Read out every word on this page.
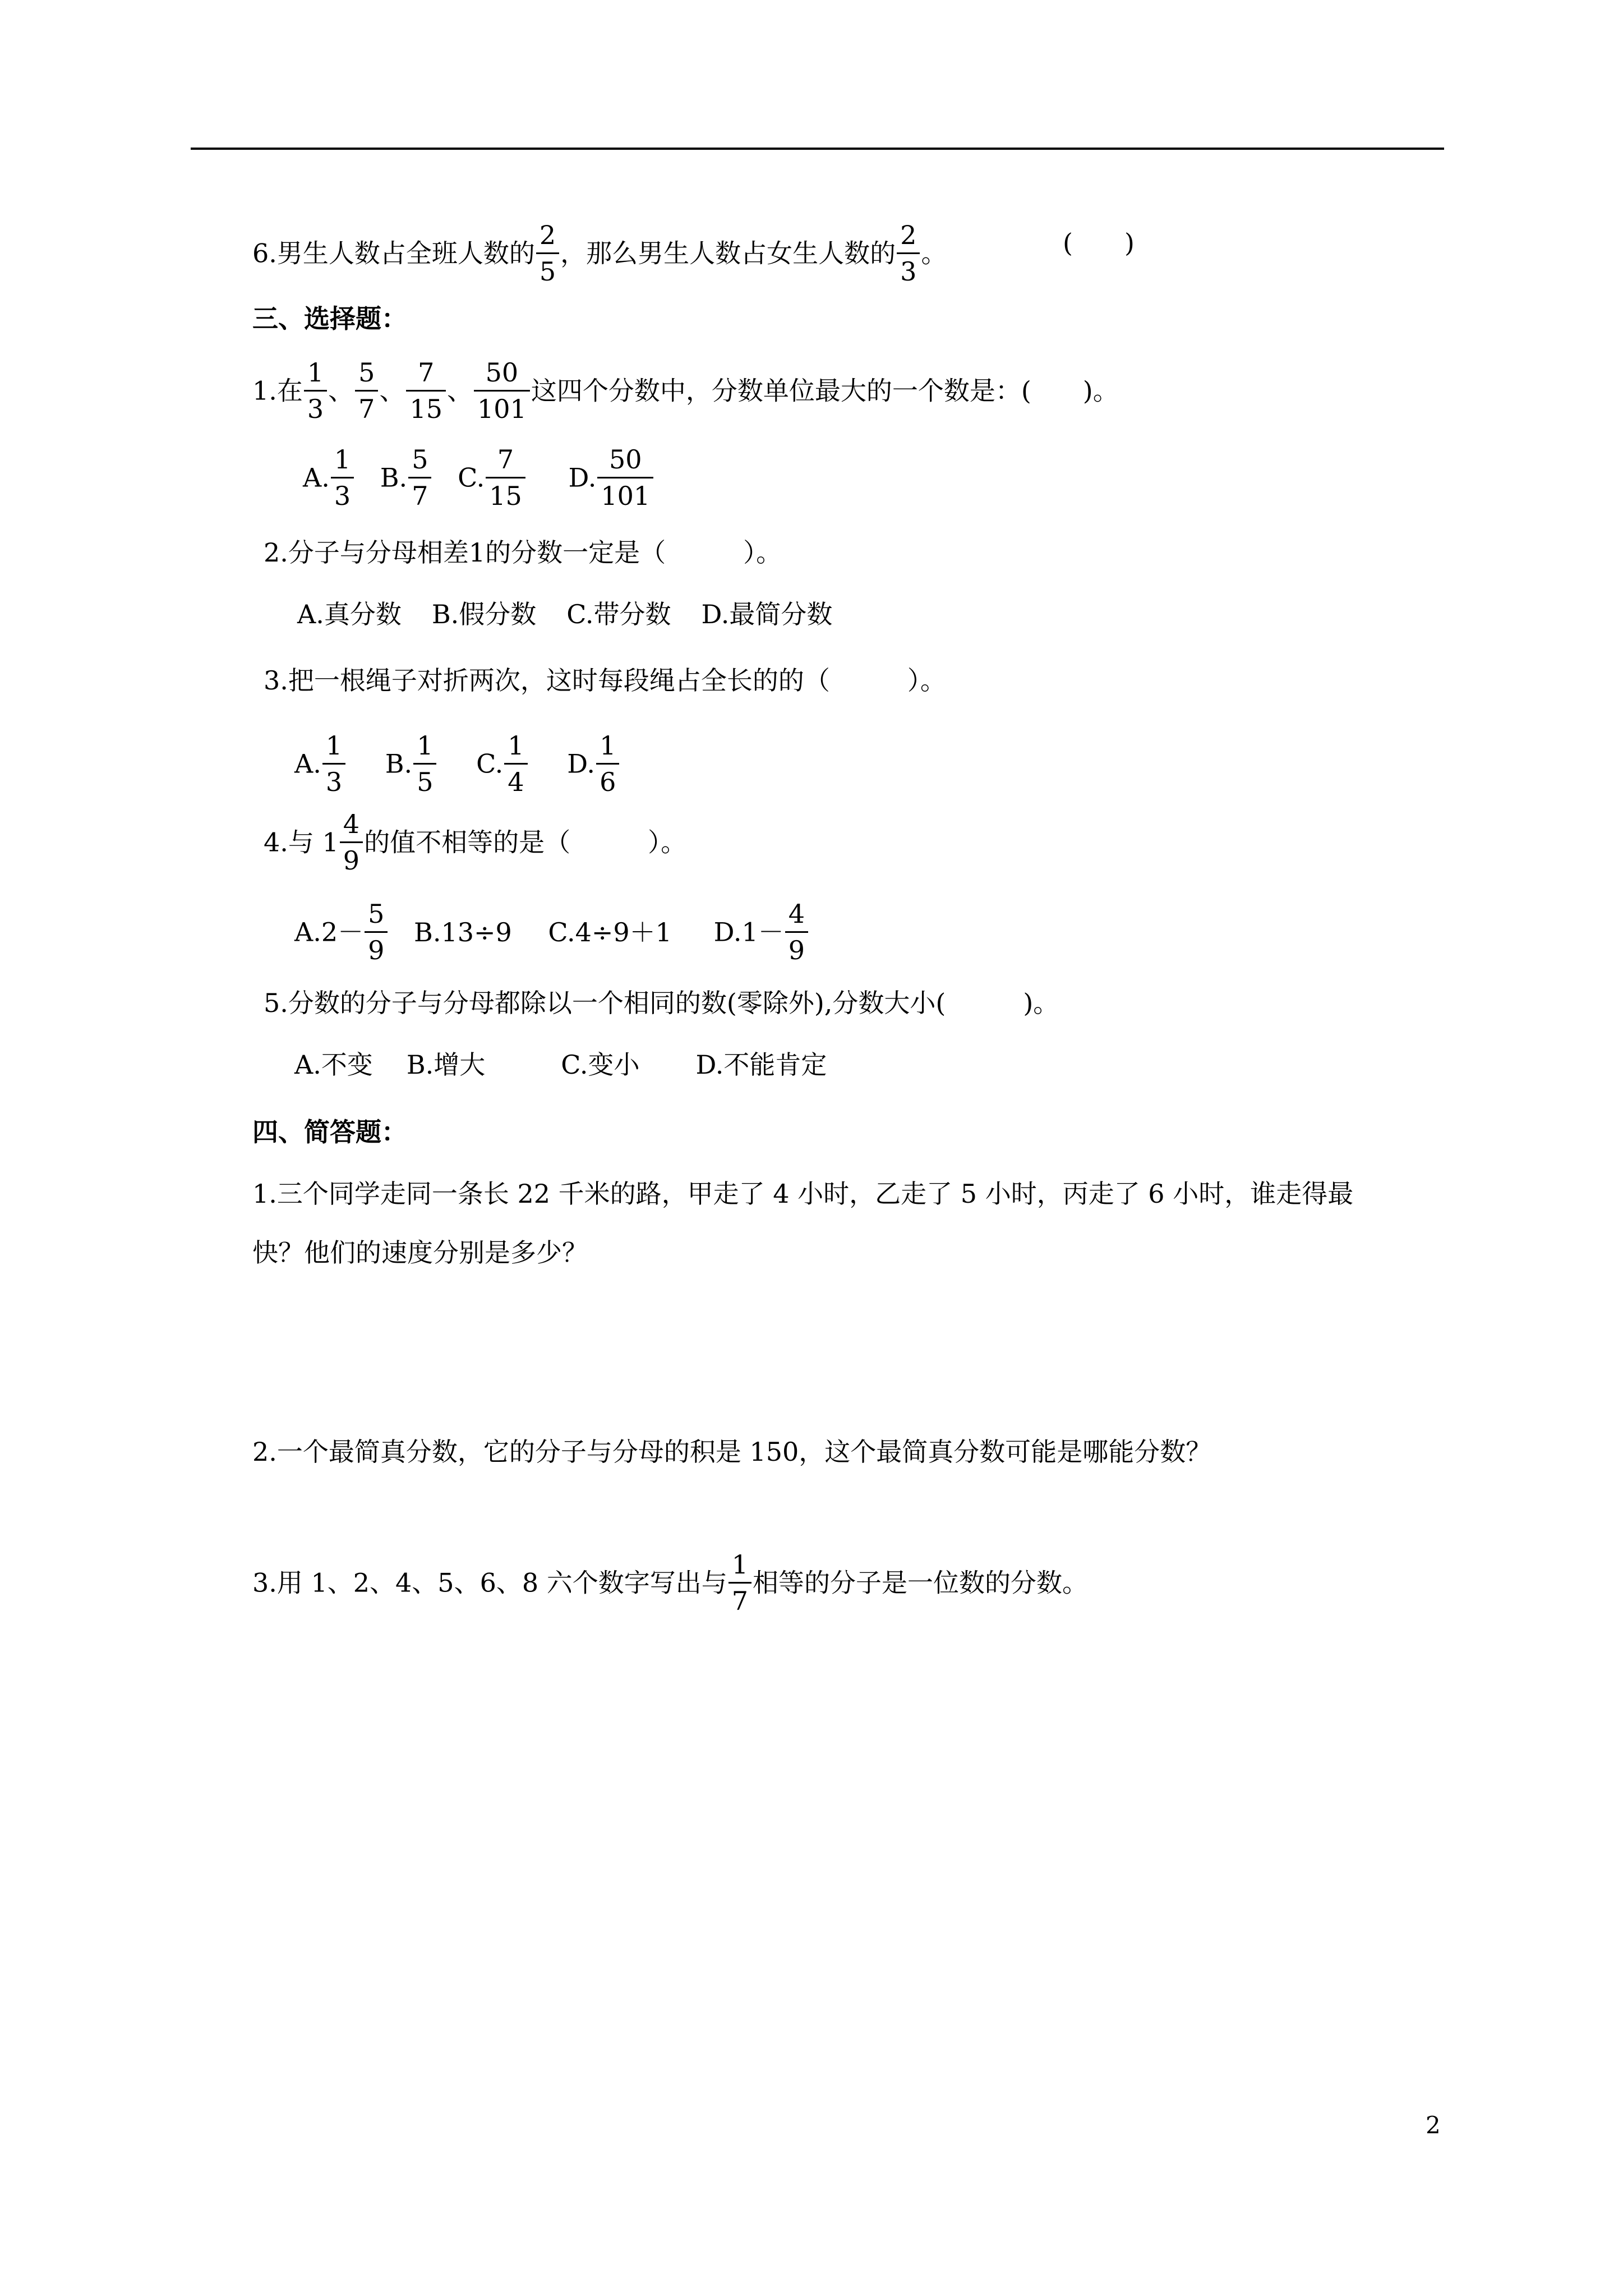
6.男生人数占全班人数的 $\frac{2}{5}$ ，那么男生人数占女生人数的 $\frac{2}{3}$ 。	(　　)
三、选择题：
1.在 $\frac{1}{3}$ 、 $\frac{5}{7}$ 、 $\frac{7}{15}$ 、 $\frac{50}{101}$ 这四个分数中，分数单位最大的一个数是：(　　)。
A. $\frac{1}{3} B$. $\frac{5}{7} C$. $\frac{7}{15} D$. $\frac{50}{101}$
2.分子与分母相差1的分数一定是（　　　）。
A.真分数 B.假分数 C.带分数 D.最简分数
3.把一根绳子对折两次，这时每段绳占全长的的（　　　）。
A. $\frac{1}{3} B$. $\frac{1}{5} C$. $\frac{1}{4} D$. $\frac{1}{6}$
4.与 $1 \frac{4}{9}$ 的值不相等的是（　　　）。
$A.2- \frac{5}{9} B.13\div 9$ C.4÷9＋1 $D.1- \frac{4}{9}$
5.分数的分子与分母都除以一个相同的数(零除外),分数大小(　　　)。
A.不变 B.增大	C.变小 D.不能肯定
四、简答题：
1.三个同学走同一条长 22 千米的路，甲走了 4 小时，乙走了 5 小时，丙走了 6 小时，谁走得最
快？他们的速度分别是多少？
2.一个最简真分数，它的分子与分母的积是 150，这个最简真分数可能是哪能分数？
3.用 1、2、4、5、6、8 六个数字写出与 $\frac{1}{7}$ 相等的分子是一位数的分数。
2
